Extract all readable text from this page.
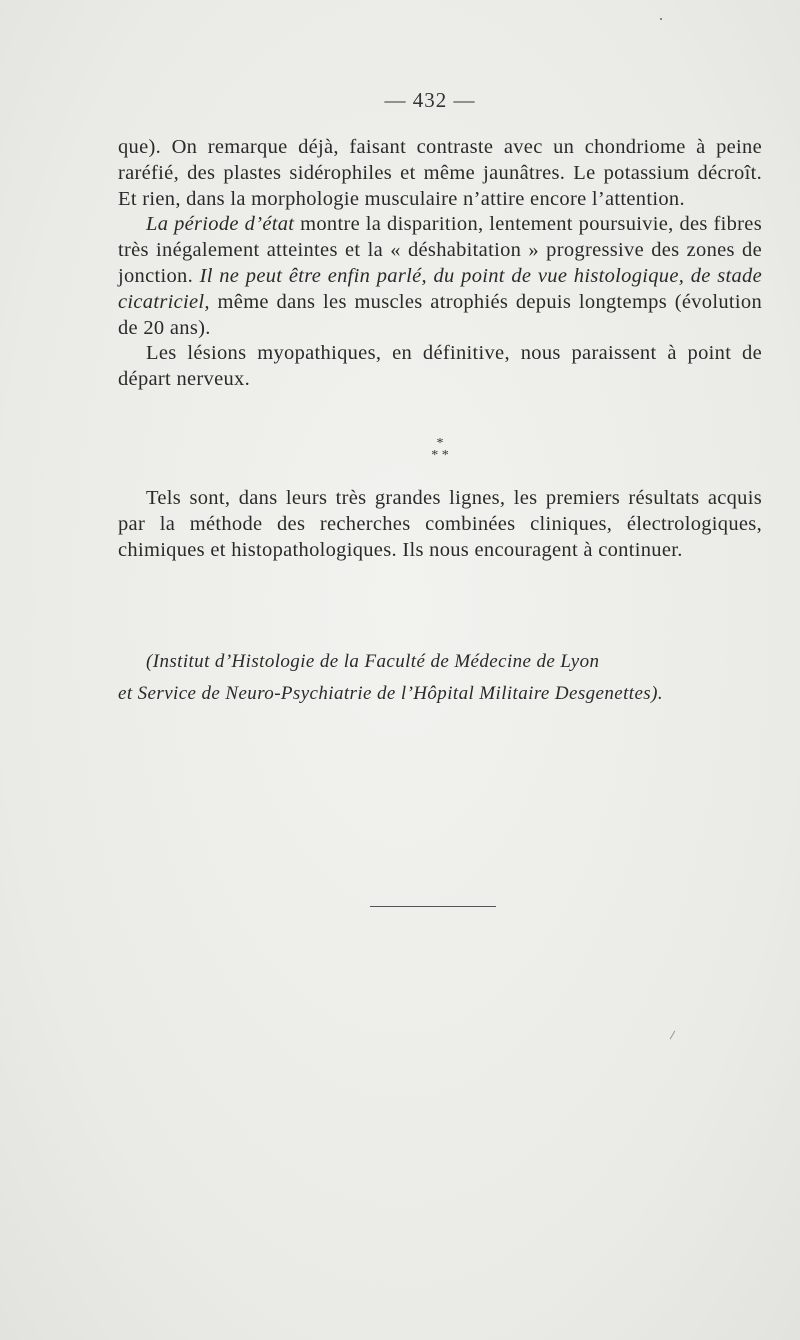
— 432 —

que). On remarque déjà, faisant contraste avec un chondriome à peine raréfié, des plastes sidérophiles et même jaunâtres. Le potassium décroît. Et rien, dans la morphologie musculaire n’attire encore l’attention.

La période d’état montre la disparition, lentement poursuivie, des fibres très inégalement atteintes et la « déshabitation » progressive des zones de jonction. Il ne peut être enfin parlé, du point de vue histologique, de stade cicatriciel, même dans les muscles atrophiés depuis longtemps (évolution de 20 ans).

Les lésions myopathiques, en définitive, nous paraissent à point de départ nerveux.

*
* *

Tels sont, dans leurs très grandes lignes, les premiers résultats acquis par la méthode des recherches combinées cliniques, électrologiques, chimiques et histopathologiques. Ils nous encouragent à continuer.

(Institut d’Histologie de la Faculté de Médecine de Lyon
et Service de Neuro-Psychiatrie de l’Hôpital Militaire Desgenettes).
